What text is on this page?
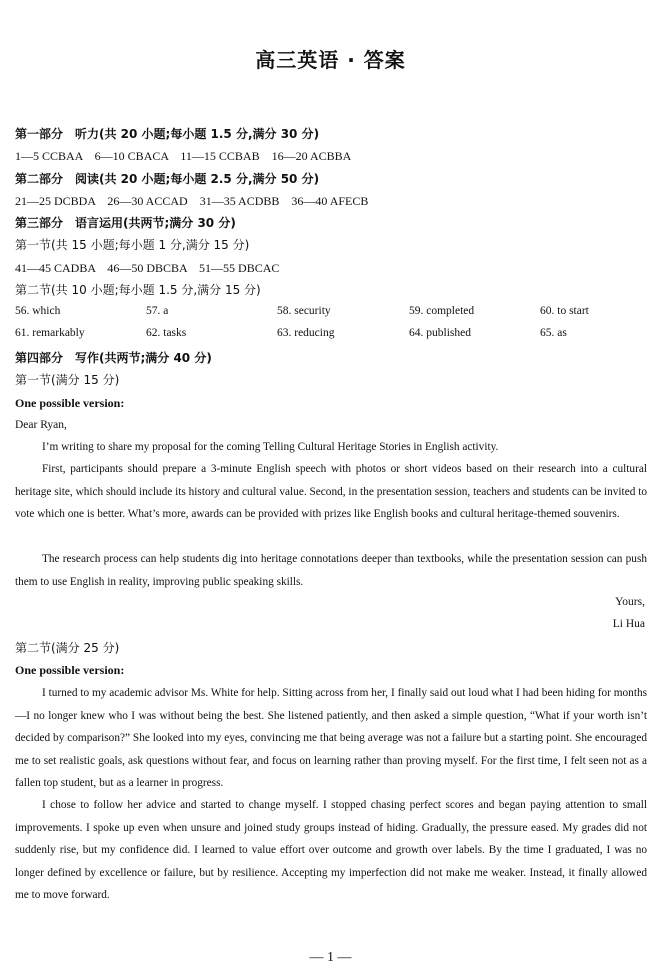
高三英语 · 答案
第一部分　听力(共 20 小题;每小题 1.5 分,满分 30 分)
1—5 CCBAA　6—10 CBACA　11—15 CCBAB　16—20 ACBBA
第二部分　阅读(共 20 小题;每小题 2.5 分,满分 50 分)
21—25 DCBDA　26—30 ACCAD　31—35 ACDBB　36—40 AFECB
第三部分　语言运用(共两节;满分 30 分)
第一节(共 15 小题;每小题 1 分,满分 15 分)
41—45 CADBA　46—50 DBCBA　51—55 DBCAC
第二节(共 10 小题;每小题 1.5 分,满分 15 分)
56. which	57. a	58. security	59. completed	60. to start
61. remarkably	62. tasks	63. reducing	64. published	65. as
第四部分　写作(共两节;满分 40 分)
第一节(满分 15 分)
One possible version:
Dear Ryan,

I’m writing to share my proposal for the coming Telling Cultural Heritage Stories in English activity.

First, participants should prepare a 3-minute English speech with photos or short videos based on their research into a cultural heritage site, which should include its history and cultural value. Second, in the presentation session, teachers and students can be invited to vote which one is better. What’s more, awards can be provided with prizes like English books and cultural heritage-themed souvenirs.

The research process can help students dig into heritage connotations deeper than textbooks, while the presentation session can push them to use English in reality, improving public speaking skills.

Yours,
Li Hua
第二节(满分 25 分)
One possible version:

I turned to my academic advisor Ms. White for help. Sitting across from her, I finally said out loud what I had been hiding for months—I no longer knew who I was without being the best. She listened patiently, and then asked a simple question, “What if your worth isn’t decided by comparison?” She looked into my eyes, convincing me that being average was not a failure but a starting point. She encouraged me to set realistic goals, ask questions without fear, and focus on learning rather than proving myself. For the first time, I felt seen not as a fallen top student, but as a learner in progress.

I chose to follow her advice and started to change myself. I stopped chasing perfect scores and began paying attention to small improvements. I spoke up even when unsure and joined study groups instead of hiding. Gradually, the pressure eased. My grades did not suddenly rise, but my confidence did. I learned to value effort over outcome and growth over labels. By the time I graduated, I was no longer defined by excellence or failure, but by resilience. Accepting my imperfection did not make me weaker. Instead, it finally allowed me to move forward.

— 1 —
